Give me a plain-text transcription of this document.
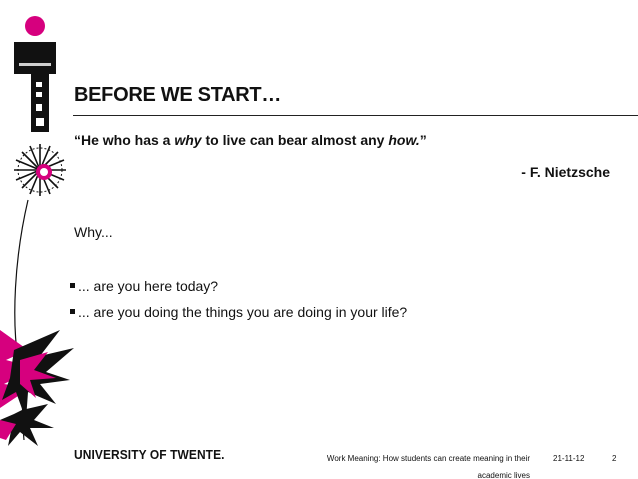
BEFORE WE START…
“He who has a why to live can bear almost any how.”
- F. Nietzsche
Why...
... are you here today?
... are you doing the things you are doing in your life?
UNIVERSITY OF TWENTE.	Work Meaning: How students can create meaning in their
academic lives
21-11-12	2
